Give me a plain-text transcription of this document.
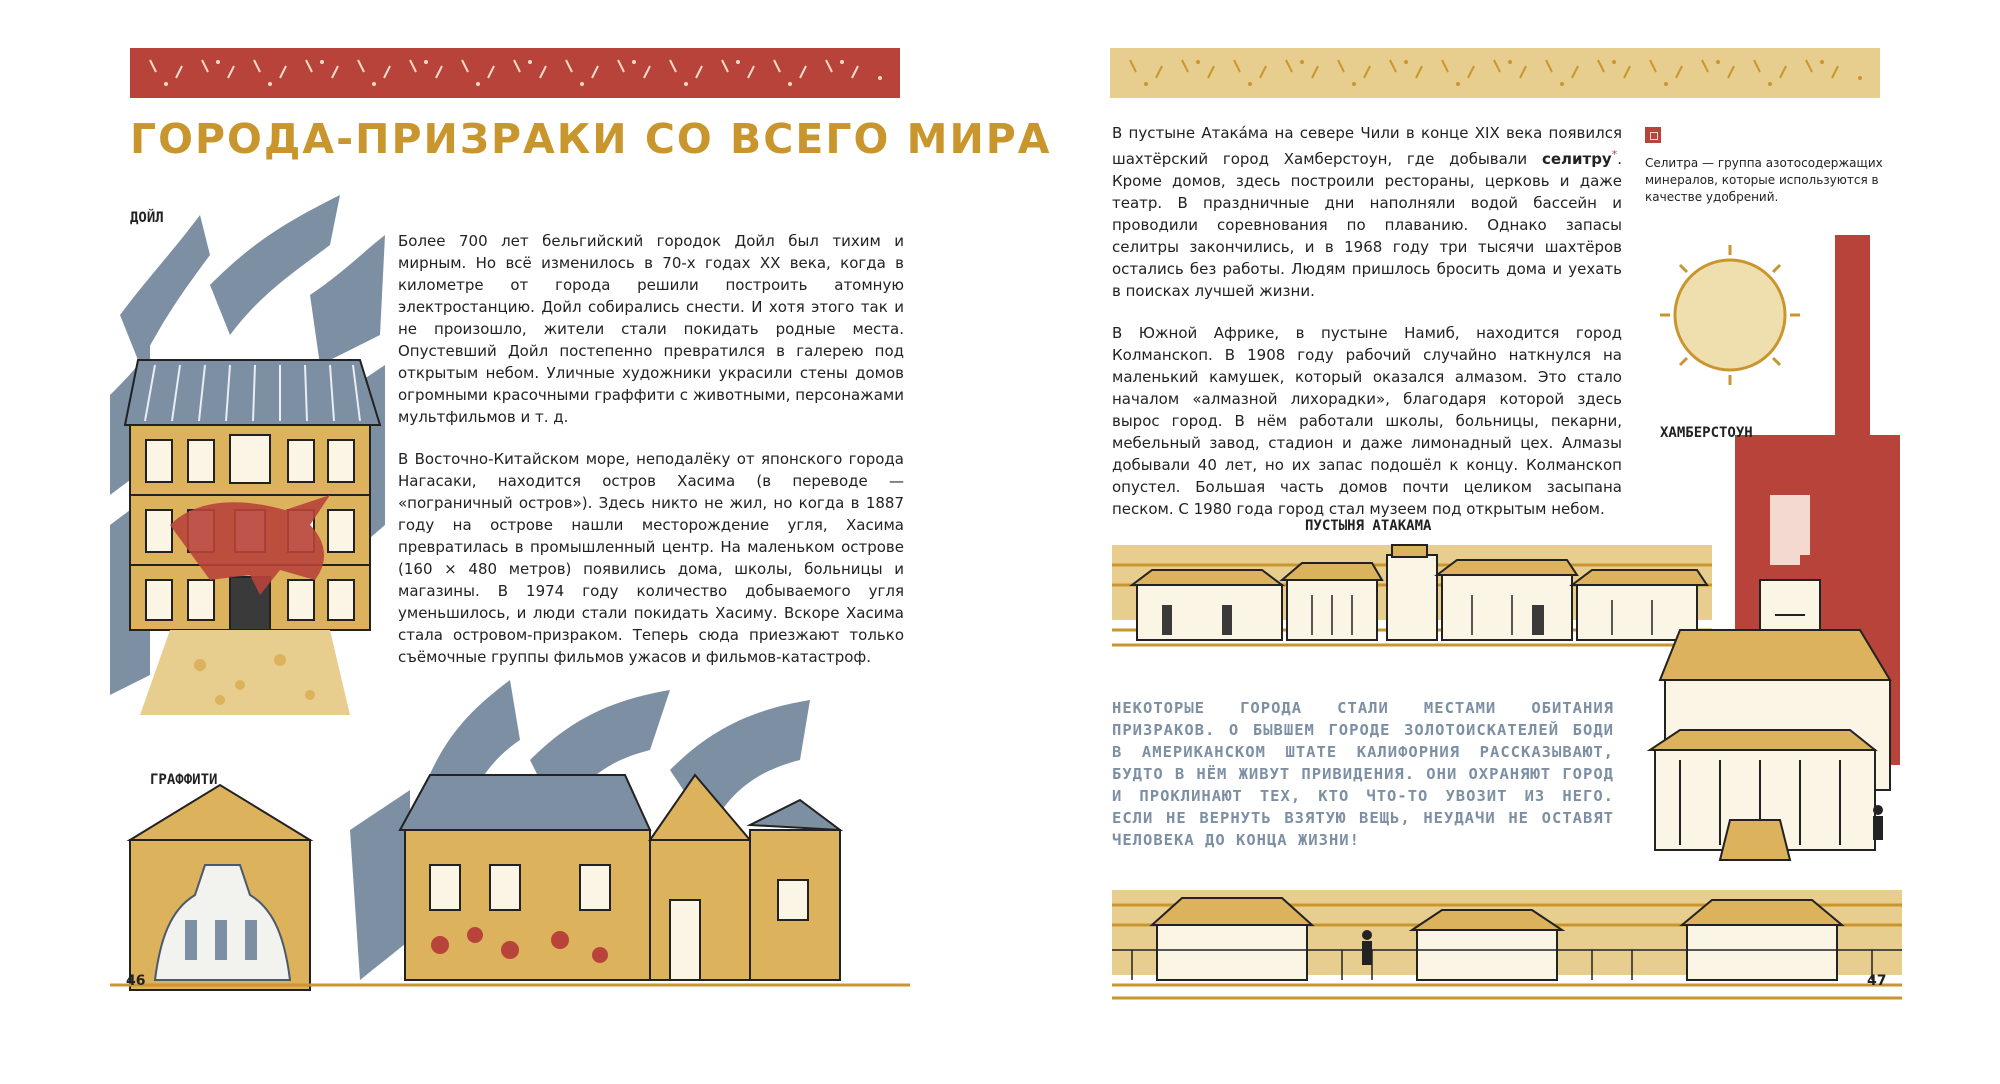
ГОРОДА-ПРИЗРАКИ СО ВСЕГО МИРА
ДОЙЛ

Более 700 лет бельгийский городок Дойл был тихим и мирным. Но всё изменилось в 70-х годах XX века, когда в километре от города решили построить атомную электростанцию. Дойл собирались снести. И хотя этого так и не произошло, жители стали покидать родные места. Опустевший Дойл постепенно превратился в галерею под открытым небом. Уличные художники украсили стены домов огромными красочными граффити с животными, персонажами мультфильмов и т. д.

В Восточно-Китайском море, неподалёку от японского города Нагасаки, находится остров Хасима (в переводе — «пограничный остров»). Здесь никто не жил, но когда в 1887 году на острове нашли месторождение угля, Хасима превратилась в промышленный центр. На маленьком острове (160 × 480 метров) появились дома, школы, больницы и магазины. В 1974 году количество добываемого угля уменьшилось, и люди стали покидать Хасиму. Вскоре Хасима стала островом-призраком. Теперь сюда приезжают только съёмочные группы фильмов ужасов и фильмов-катастроф.

ГРАФФИТИ
46

В пустыне Атака́ма на севере Чили в конце XIX века появился шахтёрский город Хамберстоун, где добывали селитру*. Кроме домов, здесь построили рестораны, церковь и даже театр. В праздничные дни наполняли водой бассейн и проводили соревнования по плаванию. Однако запасы селитры закончились, и в 1968 году три тысячи шахтёров остались без работы. Людям пришлось бросить дома и уехать в поисках лучшей жизни.

В Южной Африке, в пустыне Намиб, находится город Колманскоп. В 1908 году рабочий случайно наткнулся на маленький камушек, который оказался алмазом. Это стало началом «алмазной лихорадки», благодаря которой здесь вырос город. В нём работали школы, больницы, пекарни, мебельный завод, стадион и даже лимонадный цех. Алмазы добывали 40 лет, но их запас подошёл к концу. Колманскоп опустел. Большая часть домов почти целиком засыпана песком. С 1980 года город стал музеем под открытым небом.

Селитра — группа азотосодержащих минералов, которые используются в качестве удобрений.
ХАМБЕРСТОУН
ПУСТЫНЯ АТАКАМА
НЕКОТОРЫЕ ГОРОДА СТАЛИ МЕСТАМИ ОБИТАНИЯ ПРИЗРАКОВ. О БЫВШЕМ ГОРОДЕ ЗОЛОТОИСКАТЕЛЕЙ БОДИ В АМЕРИКАНСКОМ ШТАТЕ КАЛИФОРНИЯ РАССКАЗЫВАЮТ, БУДТО В НЁМ ЖИВУТ ПРИВИДЕНИЯ. ОНИ ОХРАНЯЮТ ГОРОД И ПРОКЛИНАЮТ ТЕХ, КТО ЧТО-ТО УВОЗИТ ИЗ НЕГО. ЕСЛИ НЕ ВЕРНУТЬ ВЗЯТУЮ ВЕЩЬ, НЕУДАЧИ НЕ ОСТАВЯТ ЧЕЛОВЕКА ДО КОНЦА ЖИЗНИ!
47
